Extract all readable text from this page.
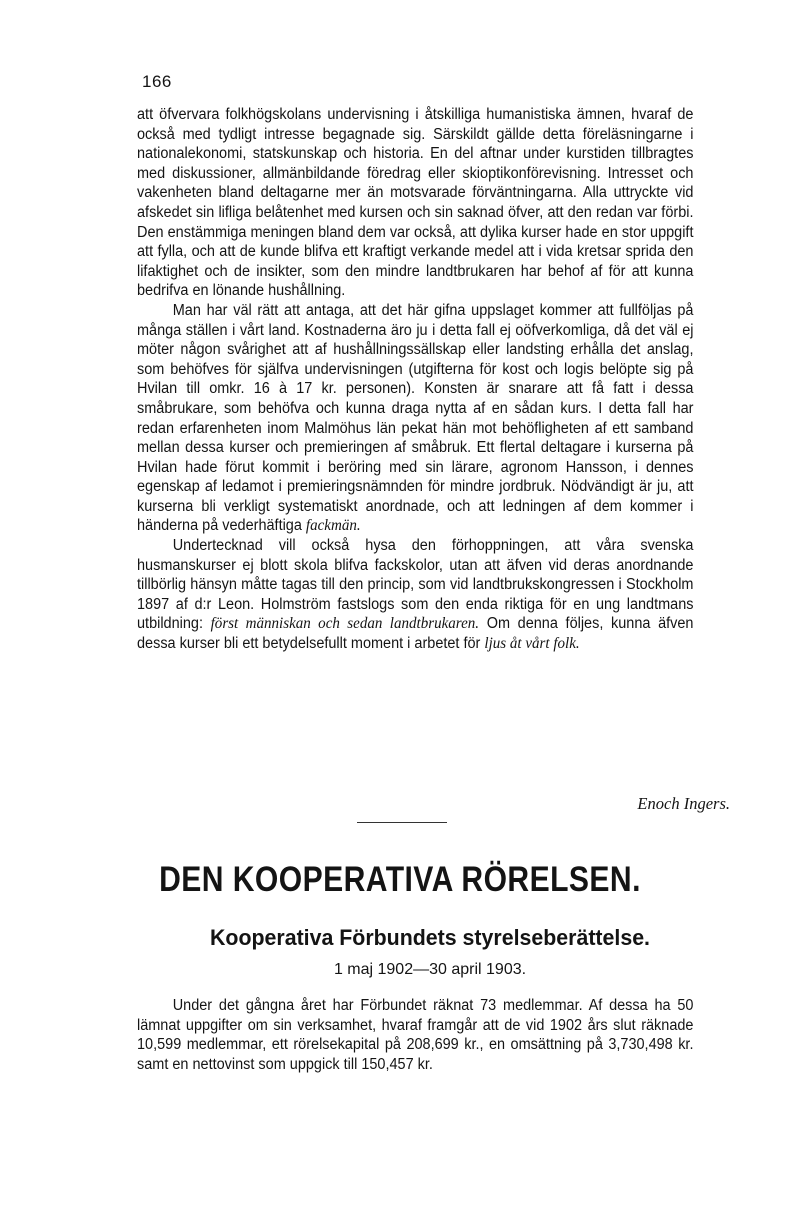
166

att öfvervara folkhögskolans undervisning i åtskilliga humanistiska ämnen, hvaraf de också med tydligt intresse begagnade sig. Särskildt gällde detta föreläsningarne i nationalekonomi, statskunskap och historia. En del aftnar under kurstiden tillbragtes med diskussioner, allmänbildande föredrag eller skioptikonförevisning. Intresset och vakenheten bland deltagarne mer än motsvarade förväntningarna. Alla uttryckte vid afskedet sin lifliga belåtenhet med kursen och sin saknad öfver, att den redan var förbi. Den enstämmiga meningen bland dem var också, att dylika kurser hade en stor uppgift att fylla, och att de kunde blifva ett kraftigt verkande medel att i vida kretsar sprida den lifaktighet och de insikter, som den mindre landtbrukaren har behof af för att kunna bedrifva en lönande hushållning.

Man har väl rätt att antaga, att det här gifna uppslaget kommer att fullföljas på många ställen i vårt land. Kostnaderna äro ju i detta fall ej oöfverkomliga, då det väl ej möter någon svårighet att af hushållningssällskap eller landsting erhålla det anslag, som behöfves för själfva undervisningen (utgifterna för kost och logis belöpte sig på Hvilan till omkr. 16 à 17 kr. personen). Konsten är snarare att få fatt i dessa småbrukare, som behöfva och kunna draga nytta af en sådan kurs. I detta fall har redan erfarenheten inom Malmöhus län pekat hän mot behöfligheten af ett samband mellan dessa kurser och premieringen af småbruk. Ett flertal deltagare i kurserna på Hvilan hade förut kommit i beröring med sin lärare, agronom Hansson, i dennes egenskap af ledamot i premieringsnämnden för mindre jordbruk. Nödvändigt är ju, att kurserna bli verkligt systematiskt anordnade, och att ledningen af dem kommer i händerna på vederhäftiga fackmän.

Undertecknad vill också hysa den förhoppningen, att våra svenska husmanskurser ej blott skola blifva fackskolor, utan att äfven vid deras anordnande tillbörlig hänsyn måtte tagas till den princip, som vid landtbrukskongressen i Stockholm 1897 af d:r Leon. Holmström fastslogs som den enda riktiga för en ung landtmans utbildning: först människan och sedan landtbrukaren. Om denna följes, kunna äfven dessa kurser bli ett betydelsefullt moment i arbetet för ljus åt vårt folk.

Enoch Ingers.
DEN KOOPERATIVA RÖRELSEN.
Kooperativa Förbundets styrelseberättelse.
1 maj 1902—30 april 1903.

Under det gångna året har Förbundet räknat 73 medlemmar. Af dessa ha 50 lämnat uppgifter om sin verksamhet, hvaraf framgår att de vid 1902 års slut räknade 10,599 medlemmar, ett rörelsekapital på 208,699 kr., en omsättning på 3,730,498 kr. samt en nettovinst som uppgick till 150,457 kr.
